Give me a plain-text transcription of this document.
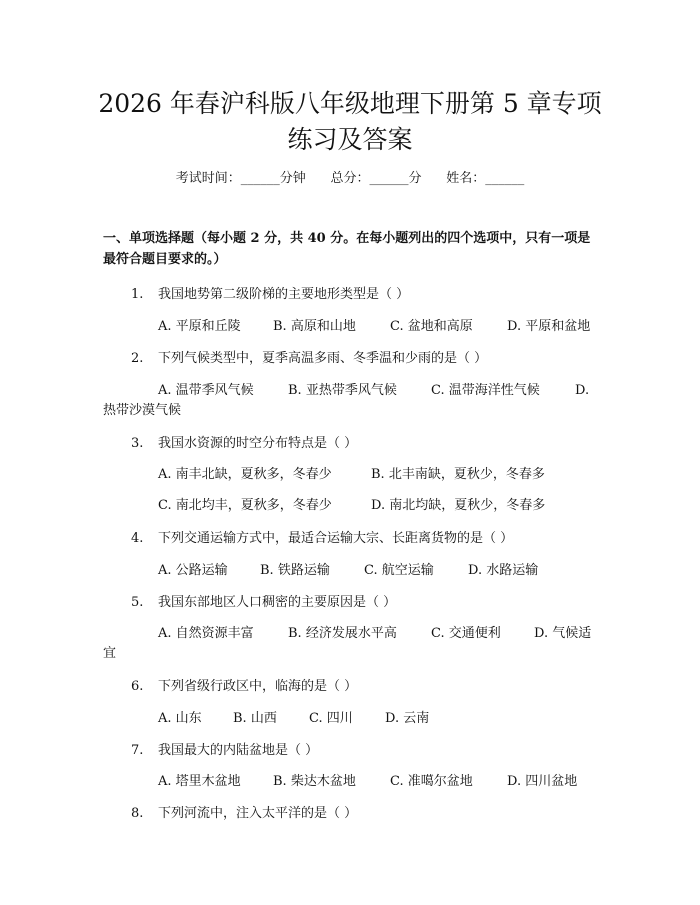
2026 年春沪科版八年级地理下册第 5 章专项
练习及答案
考试时间：______分钟      总分：______分      姓名：______

一、单项选择题（每小题 2 分，共 40 分。在每小题列出的四个选项中，只有一项是最符合题目要求的。）

1. 我国地势第二级阶梯的主要地形类型是（ ）
A. 平原和丘陵 B. 高原和山地	C. 盆地和高原	D. 平原和盆地
2. 下列气候类型中，夏季高温多雨、冬季温和少雨的是（ ）
A. 温带季风气候	B. 亚热带季风气候	C. 温带海洋性气候	D.
热带沙漠气候
3. 我国水资源的时空分布特点是（ ）
A. 南丰北缺，夏秋多，冬春少	B. 北丰南缺，夏秋少，冬春多
C. 南北均丰，夏秋多，冬春少	D. 南北均缺，夏秋少，冬春多
4. 下列交通运输方式中，最适合运输大宗、长距离货物的是（ ）
A. 公路运输 B. 铁路运输	C. 航空运输	D. 水路运输
5. 我国东部地区人口稠密的主要原因是（ ）
A. 自然资源丰富	B. 经济发展水平高	C. 交通便利	D. 气候适
宜
6. 下列省级行政区中，临海的是（ ）
A. 山东 B. 山西 C. 四川 D. 云南
7. 我国最大的内陆盆地是（ ）
A. 塔里木盆地 B. 柴达木盆地	C. 准噶尔盆地	D. 四川盆地
8. 下列河流中，注入太平洋的是（ ）
